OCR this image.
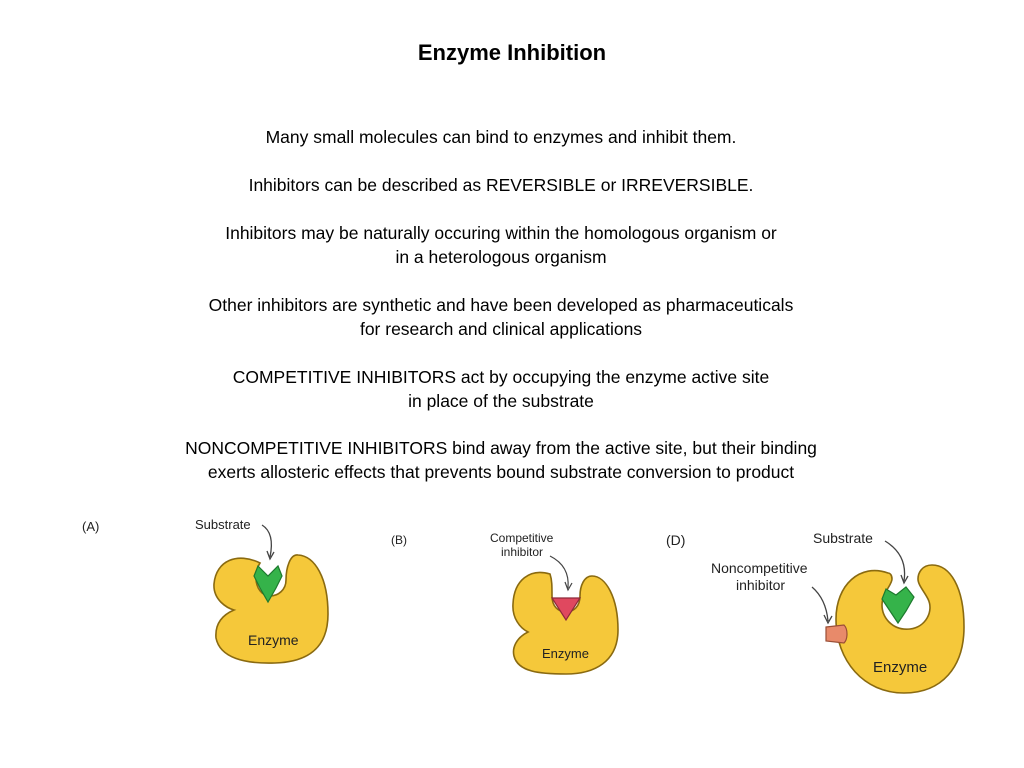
Enzyme Inhibition
Many small molecules can bind to enzymes and inhibit them.
Inhibitors can be described as REVERSIBLE or IRREVERSIBLE.
Inhibitors may be naturally occuring within the homologous organism or
in a heterologous organism
Other inhibitors are synthetic and have been developed as pharmaceuticals
for research and clinical applications
COMPETITIVE INHIBITORS act by occupying the enzyme active site
in place of the substrate
NONCOMPETITIVE INHIBITORS bind away from the active site, but their binding
exerts allosteric effects that prevents bound substrate conversion to product
(A)	Substrate
Enzyme
(B)	Competitive
inhibitor
Enzyme
(D)	Substrate
Noncompetitive
inhibitor
Enzyme
